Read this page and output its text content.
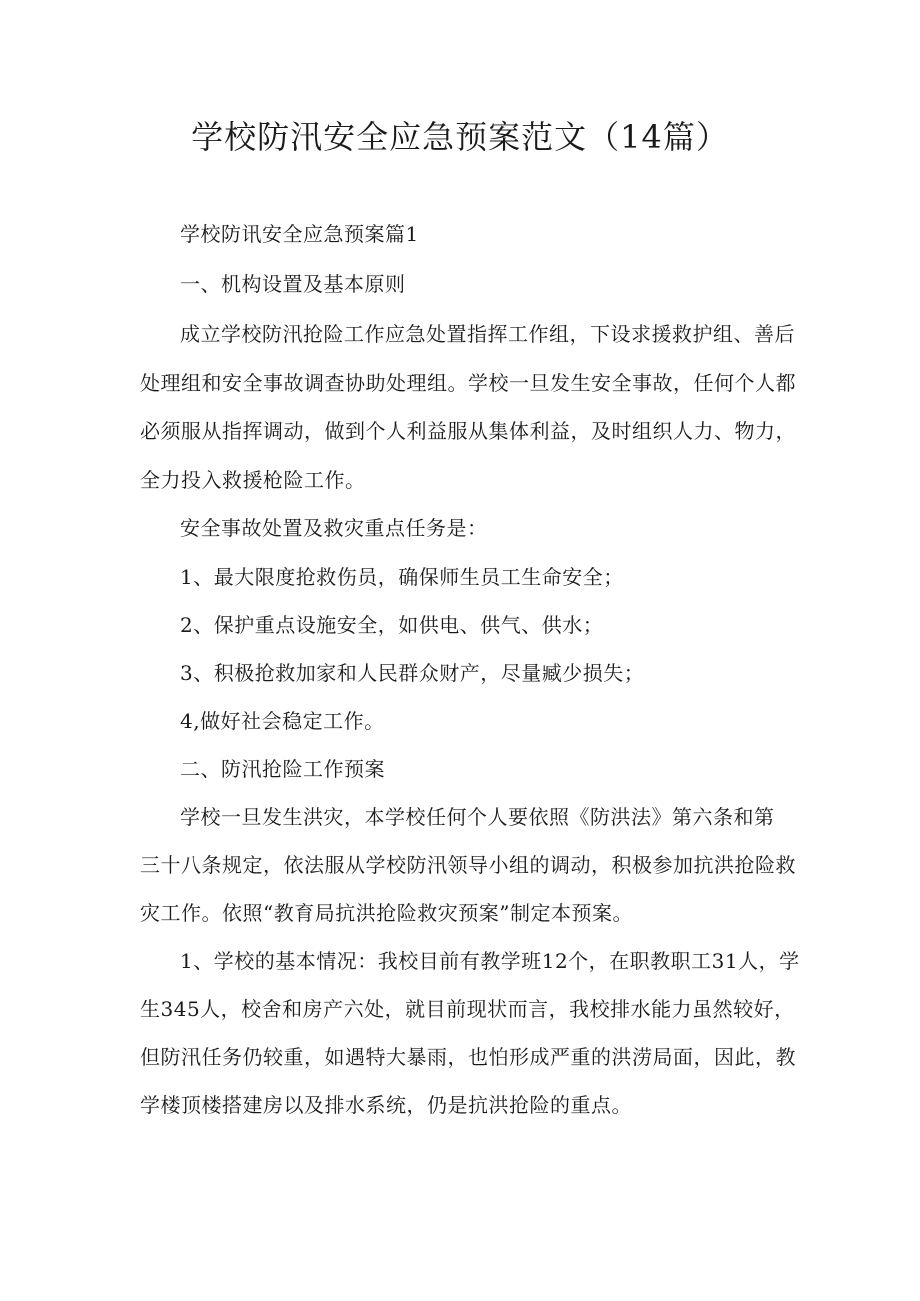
学校防汛安全应急预案范文（14篇）

学校防讯安全应急预案篇1

一、机构设置及基本原则

成立学校防汛抢险工作应急处置指挥工作组，下设求援救护组、善后

处理组和安全事故调查协助处理组。学校一旦发生安全事故，任何个人都

必须服从指挥调动，做到个人利益服从集体利益，及时组织人力、物力，

全力投入救援枪险工作。

安全事故处置及救灾重点任务是：

1、最大限度抢救伤员，确保师生员工生命安全；

2、保护重点设施安全，如供电、供气、供水；

3、积极抢救加家和人民群众财产，尽量臧少损失；

4,做好社会稳定工作。

二、防汛抢险工作预案

学校一旦发生洪灾，本学校任何个人要依照《防洪法》第六条和第

三十八条规定，依法服从学校防汛领导小组的调动，积极参加抗洪抢险救

灾工作。依照“教育局抗洪抢险救灾预案”制定本预案。

1、学校的基本情况：我校目前有教学班12个，在职教职工31人，学

生345人，校舍和房产六处，就目前现状而言，我校排水能力虽然较好，

但防汛任务仍较重，如遇特大暴雨，也怕形成严重的洪涝局面，因此，教

学楼顶楼搭建房以及排水系统，仍是抗洪抢险的重点。
